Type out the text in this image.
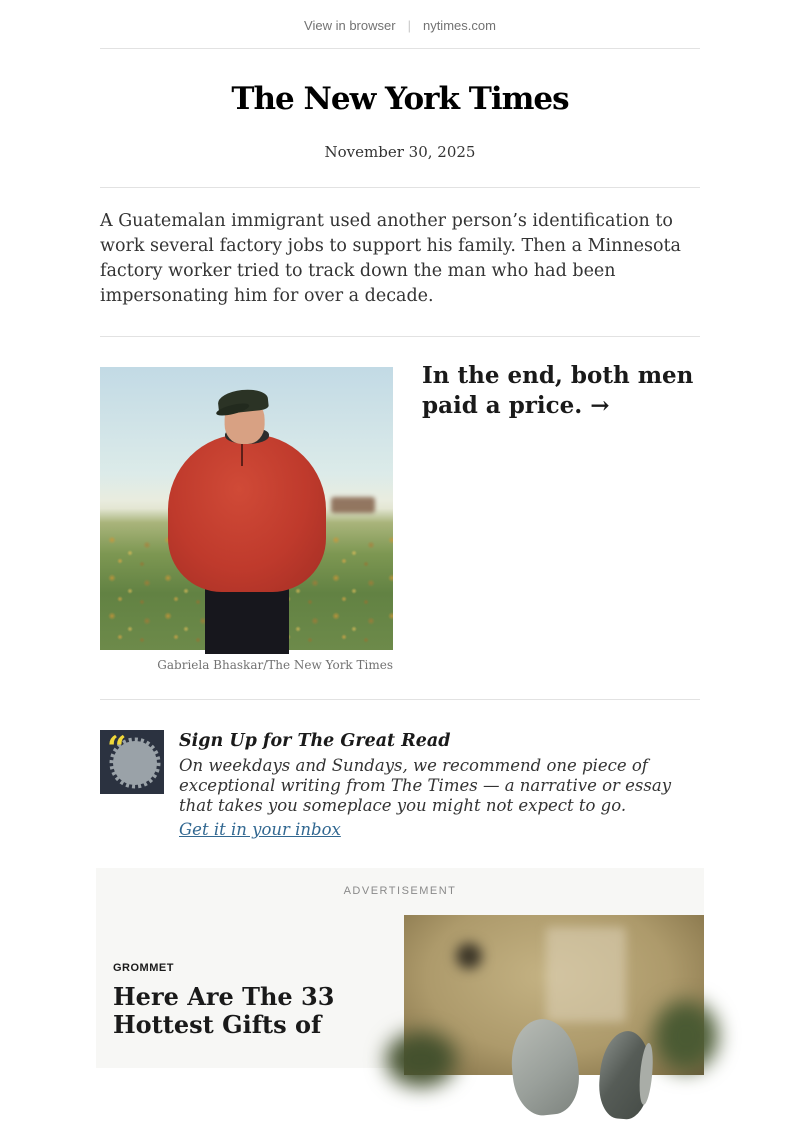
View in browser | nytimes.com
The New York Times
November 30, 2025

A Guatemalan immigrant used another person’s identification to work several factory jobs to support his family. Then a Minnesota factory worker tried to track down the man who had been impersonating him for over a decade.

Gabriela Bhaskar/The New York Times
In the end, both men paid a price. →
“	Sign Up for The Great Read
On weekdays and Sundays, we recommend one piece of exceptional writing from The Times — a narrative or essay that takes you someplace you might not expect to go.
Get it in your inbox
ADVERTISEMENT
GROMMET
Here Are The 33
Hottest Gifts of
